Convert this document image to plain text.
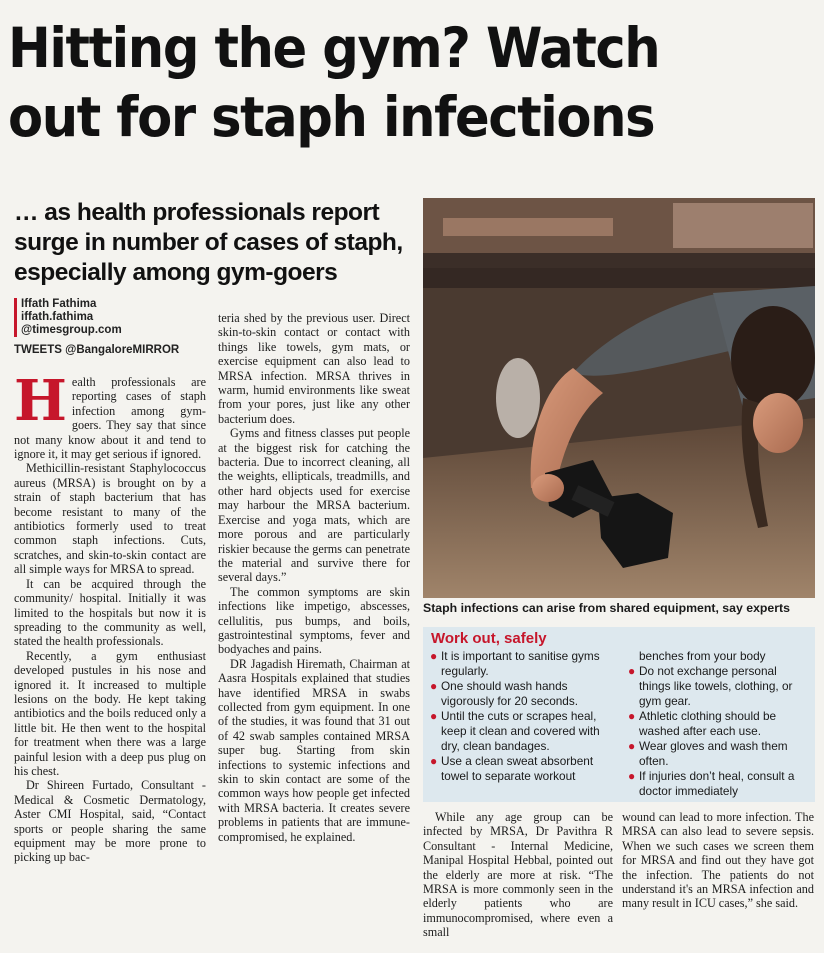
Hitting the gym? Watch out for staph infections
… as health professionals report surge in number of cases of staph, especially among gym-goers
Iffath Fathima
iffath.fathima
@timesgroup.com
TWEETS @BangaloreMIRROR

Health professionals are reporting cases of staph infection among gym-goers. They say that since not many know about it and tend to ignore it, it may get serious if ignored.

Methicillin-resistant Staphylococcus aureus (MRSA) is brought on by a strain of staph bacterium that has become resistant to many of the antibiotics formerly used to treat common staph infections. Cuts, scratches, and skin-to-skin contact are all simple ways for MRSA to spread.

It can be acquired through the community/ hospital. Initially it was limited to the hospitals but now it is spreading to the community as well, stated the health professionals.

Recently, a gym enthusiast developed pustules in his nose and ignored it. It increased to multiple lesions on the body. He kept taking antibiotics and the boils reduced only a little bit. He then went to the hospital for treatment when there was a large painful lesion with a deep pus plug on his chest.

Dr Shireen Furtado, Consultant - Medical & Cosmetic Dermatology, Aster CMI Hospital, said, “Contact sports or people sharing the same equipment may be more prone to picking up bac-

teria shed by the previous user. Direct skin-to-skin contact or contact with things like towels, gym mats, or exercise equipment can also lead to MRSA infection. MRSA thrives in warm, humid environments like sweat from your pores, just like any other bacterium does.

Gyms and fitness classes put people at the biggest risk for catching the bacteria. Due to incorrect cleaning, all the weights, ellipticals, treadmills, and other hard objects used for exercise may harbour the MRSA bacterium. Exercise and yoga mats, which are more porous and are particularly riskier because the germs can penetrate the material and survive there for several days.”

The common symptoms are skin infections like impetigo, abscesses, cellulitis, pus bumps, and boils, gastrointestinal symptoms, fever and bodyaches and pains.

DR Jagadish Hiremath, Chairman at Aasra Hospitals explained that studies have identified MRSA in swabs collected from gym equipment. In one of the studies, it was found that 31 out of 42 swab samples contained MRSA super bug. Starting from skin infections to systemic infections and skin to skin contact are some of the common ways how people get infected with MRSA bacteria. It creates severe problems in patients that are immune- compromised, he explained.

Staph infections can arise from shared equipment, say experts
Work out, safely
● It is important to sanitise gyms regularly.
● One should wash hands vigorously for 20 seconds.
● Until the cuts or scrapes heal, keep it clean and covered with dry, clean bandages.
● Use a clean sweat absorbent towel to separate workout
benches from your body
● Do not exchange personal things like towels, clothing, or gym gear.
● Athletic clothing should be washed after each use.
● Wear gloves and wash them often.
● If injuries don’t heal, consult a doctor immediately

While any age group can be infected by MRSA, Dr Pavithra R Consultant - Internal Medicine, Manipal Hospital Hebbal, pointed out the elderly are more at risk. “The MRSA is more commonly seen in the elderly patients who are immunocompromised, where even a small

wound can lead to more infection. The MRSA can also lead to severe sepsis. When we such cases we screen them for MRSA and find out they have got the infection. The patients do not understand it's an MRSA infection and many result in ICU cases,” she said.
